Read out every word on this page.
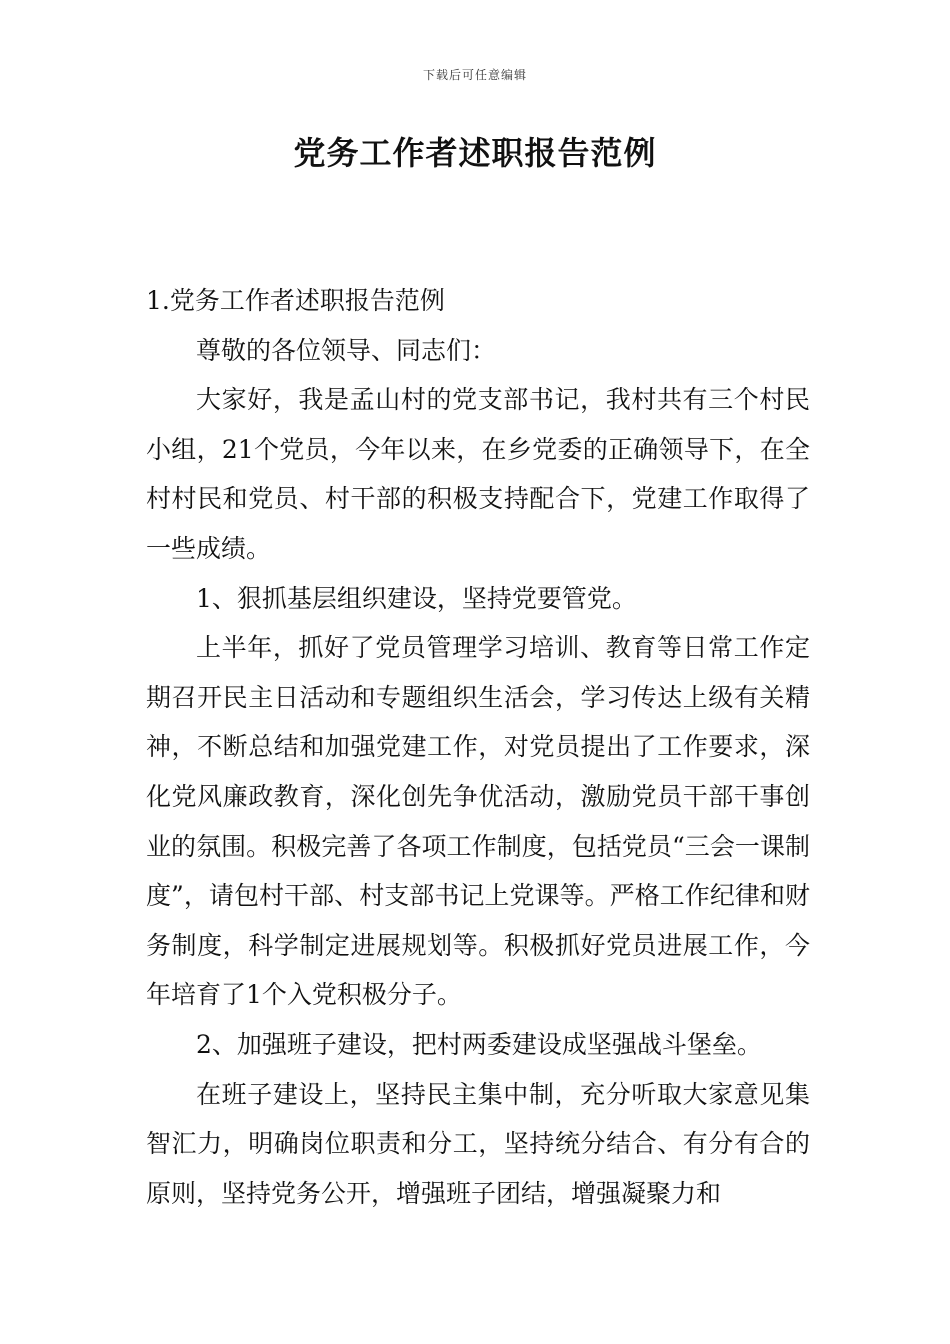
下载后可任意编辑
党务工作者述职报告范例

1.党务工作者述职报告范例

尊敬的各位领导、同志们：

大家好，我是孟山村的党支部书记，我村共有三个村民小组，21个党员，今年以来，在乡党委的正确领导下，在全村村民和党员、村干部的积极支持配合下，党建工作取得了一些成绩。

1、狠抓基层组织建设，坚持党要管党。

上半年，抓好了党员管理学习培训、教育等日常工作定期召开民主日活动和专题组织生活会，学习传达上级有关精神，不断总结和加强党建工作，对党员提出了工作要求，深化党风廉政教育，深化创先争优活动，激励党员干部干事创业的氛围。积极完善了各项工作制度，包括党员“三会一课制度”，请包村干部、村支部书记上党课等。严格工作纪律和财务制度，科学制定进展规划等。积极抓好党员进展工作，今年培育了1个入党积极分子。

2、加强班子建设，把村两委建设成坚强战斗堡垒。

在班子建设上，坚持民主集中制，充分听取大家意见集智汇力，明确岗位职责和分工，坚持统分结合、有分有合的原则，坚持党务公开，增强班子团结，增强凝聚力和
